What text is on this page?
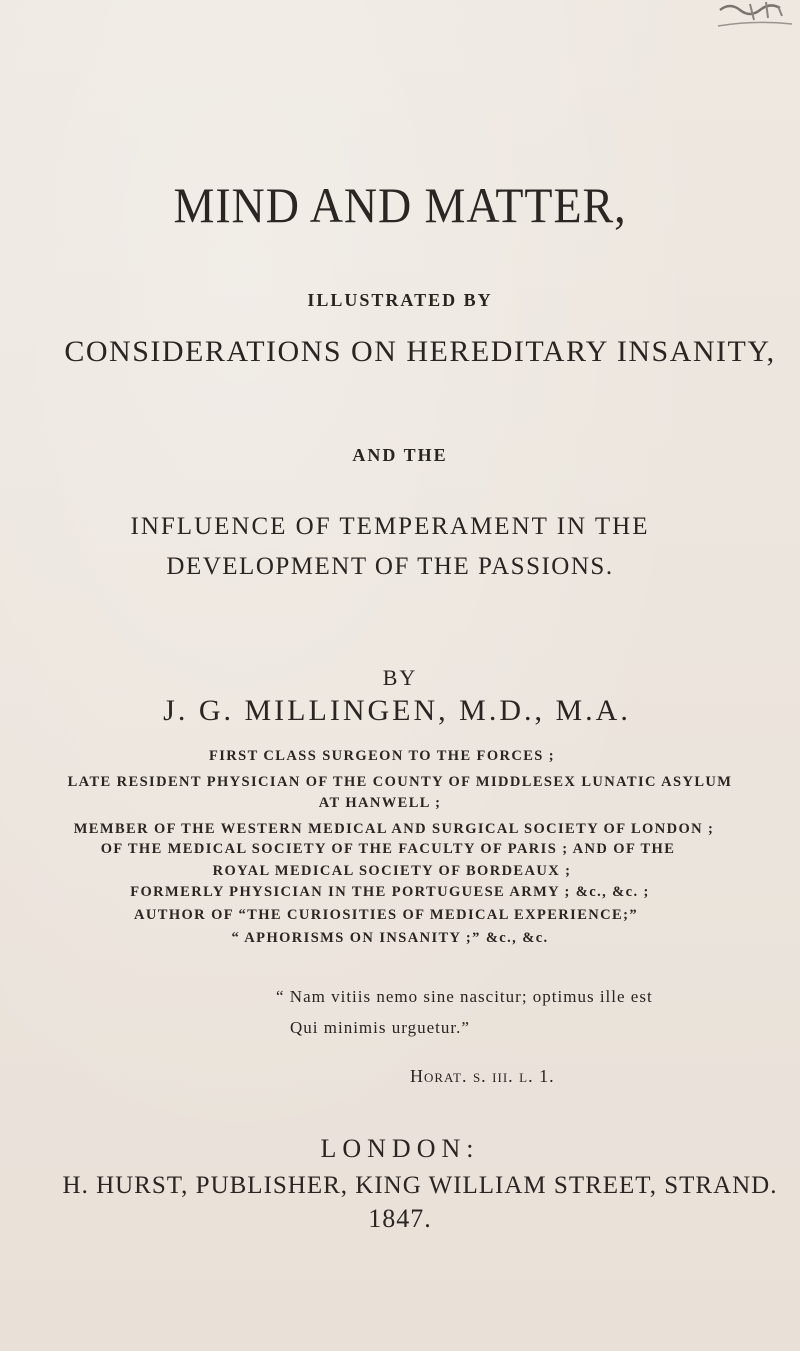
MIND AND MATTER,

ILLUSTRATED BY

CONSIDERATIONS ON HEREDITARY INSANITY,

AND THE

INFLUENCE OF TEMPERAMENT IN THE

DEVELOPMENT OF THE PASSIONS.

BY

J. G. MILLINGEN, M.D., M.A.

FIRST CLASS SURGEON TO THE FORCES ;

LATE RESIDENT PHYSICIAN OF THE COUNTY OF MIDDLESEX LUNATIC ASYLUM

AT HANWELL ;

MEMBER OF THE WESTERN MEDICAL AND SURGICAL SOCIETY OF LONDON ;

OF THE MEDICAL SOCIETY OF THE FACULTY OF PARIS ; AND OF THE

ROYAL MEDICAL SOCIETY OF BORDEAUX ;

FORMERLY PHYSICIAN IN THE PORTUGUESE ARMY ; &c., &c. ;

AUTHOR OF “THE CURIOSITIES OF MEDICAL EXPERIENCE;”

“ APHORISMS ON INSANITY ;” &c., &c.

“ Nam vitiis nemo sine nascitur; optimus ille est

Qui minimis urguetur.”

Horat. s. iii. l. 1.

LONDON:

H. HURST, PUBLISHER, KING WILLIAM STREET, STRAND.

1847.
